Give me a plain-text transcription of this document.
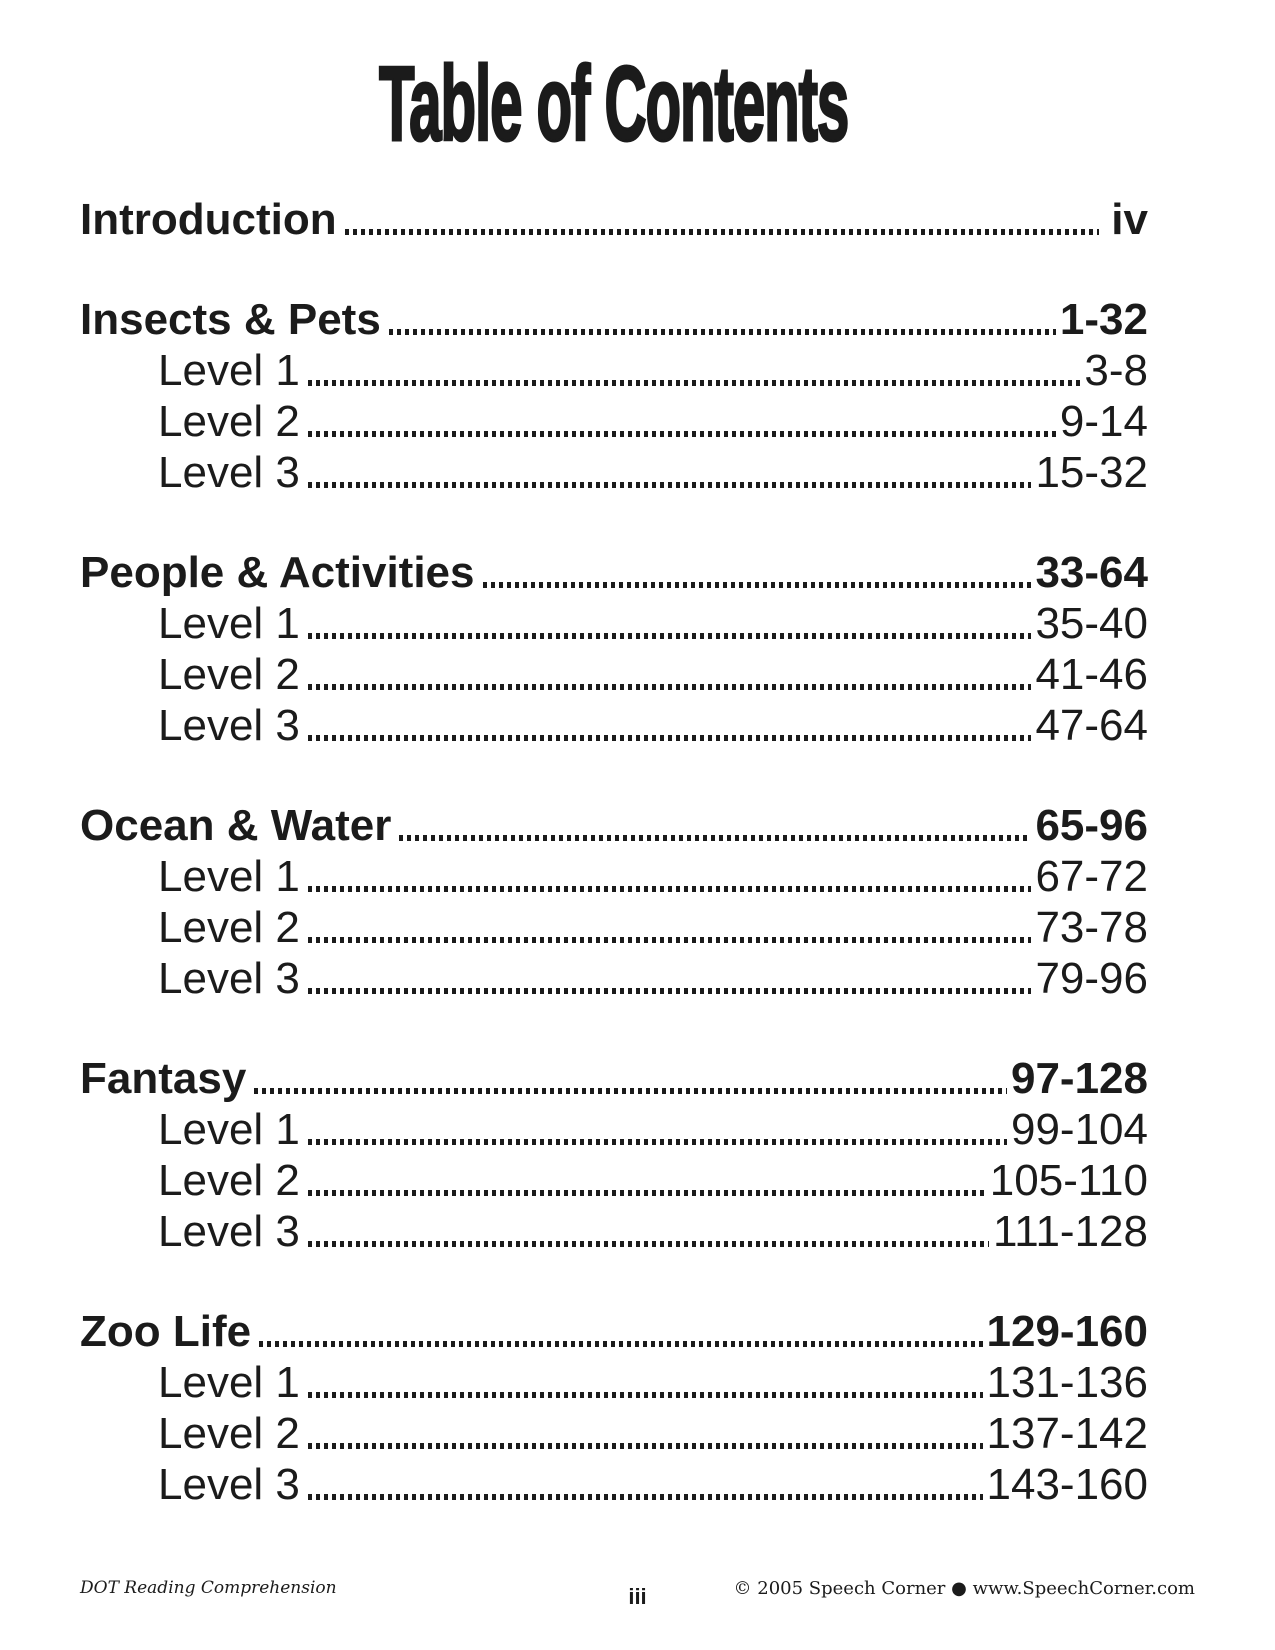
Table of Contents
Introduction	iv
Insects & Pets	1-32
Level 1	3-8
Level 2	9-14
Level 3	15-32
People & Activities	33-64
Level 1	35-40
Level 2	41-46
Level 3	47-64
Ocean & Water	65-96
Level 1	67-72
Level 2	73-78
Level 3	79-96
Fantasy	97-128
Level 1	99-104
Level 2	105-110
Level 3	111-128
Zoo Life	129-160
Level 1	131-136
Level 2	137-142
Level 3	143-160
DOT Reading Comprehension	iii	© 2005 Speech Corner ● www.SpeechCorner.com
